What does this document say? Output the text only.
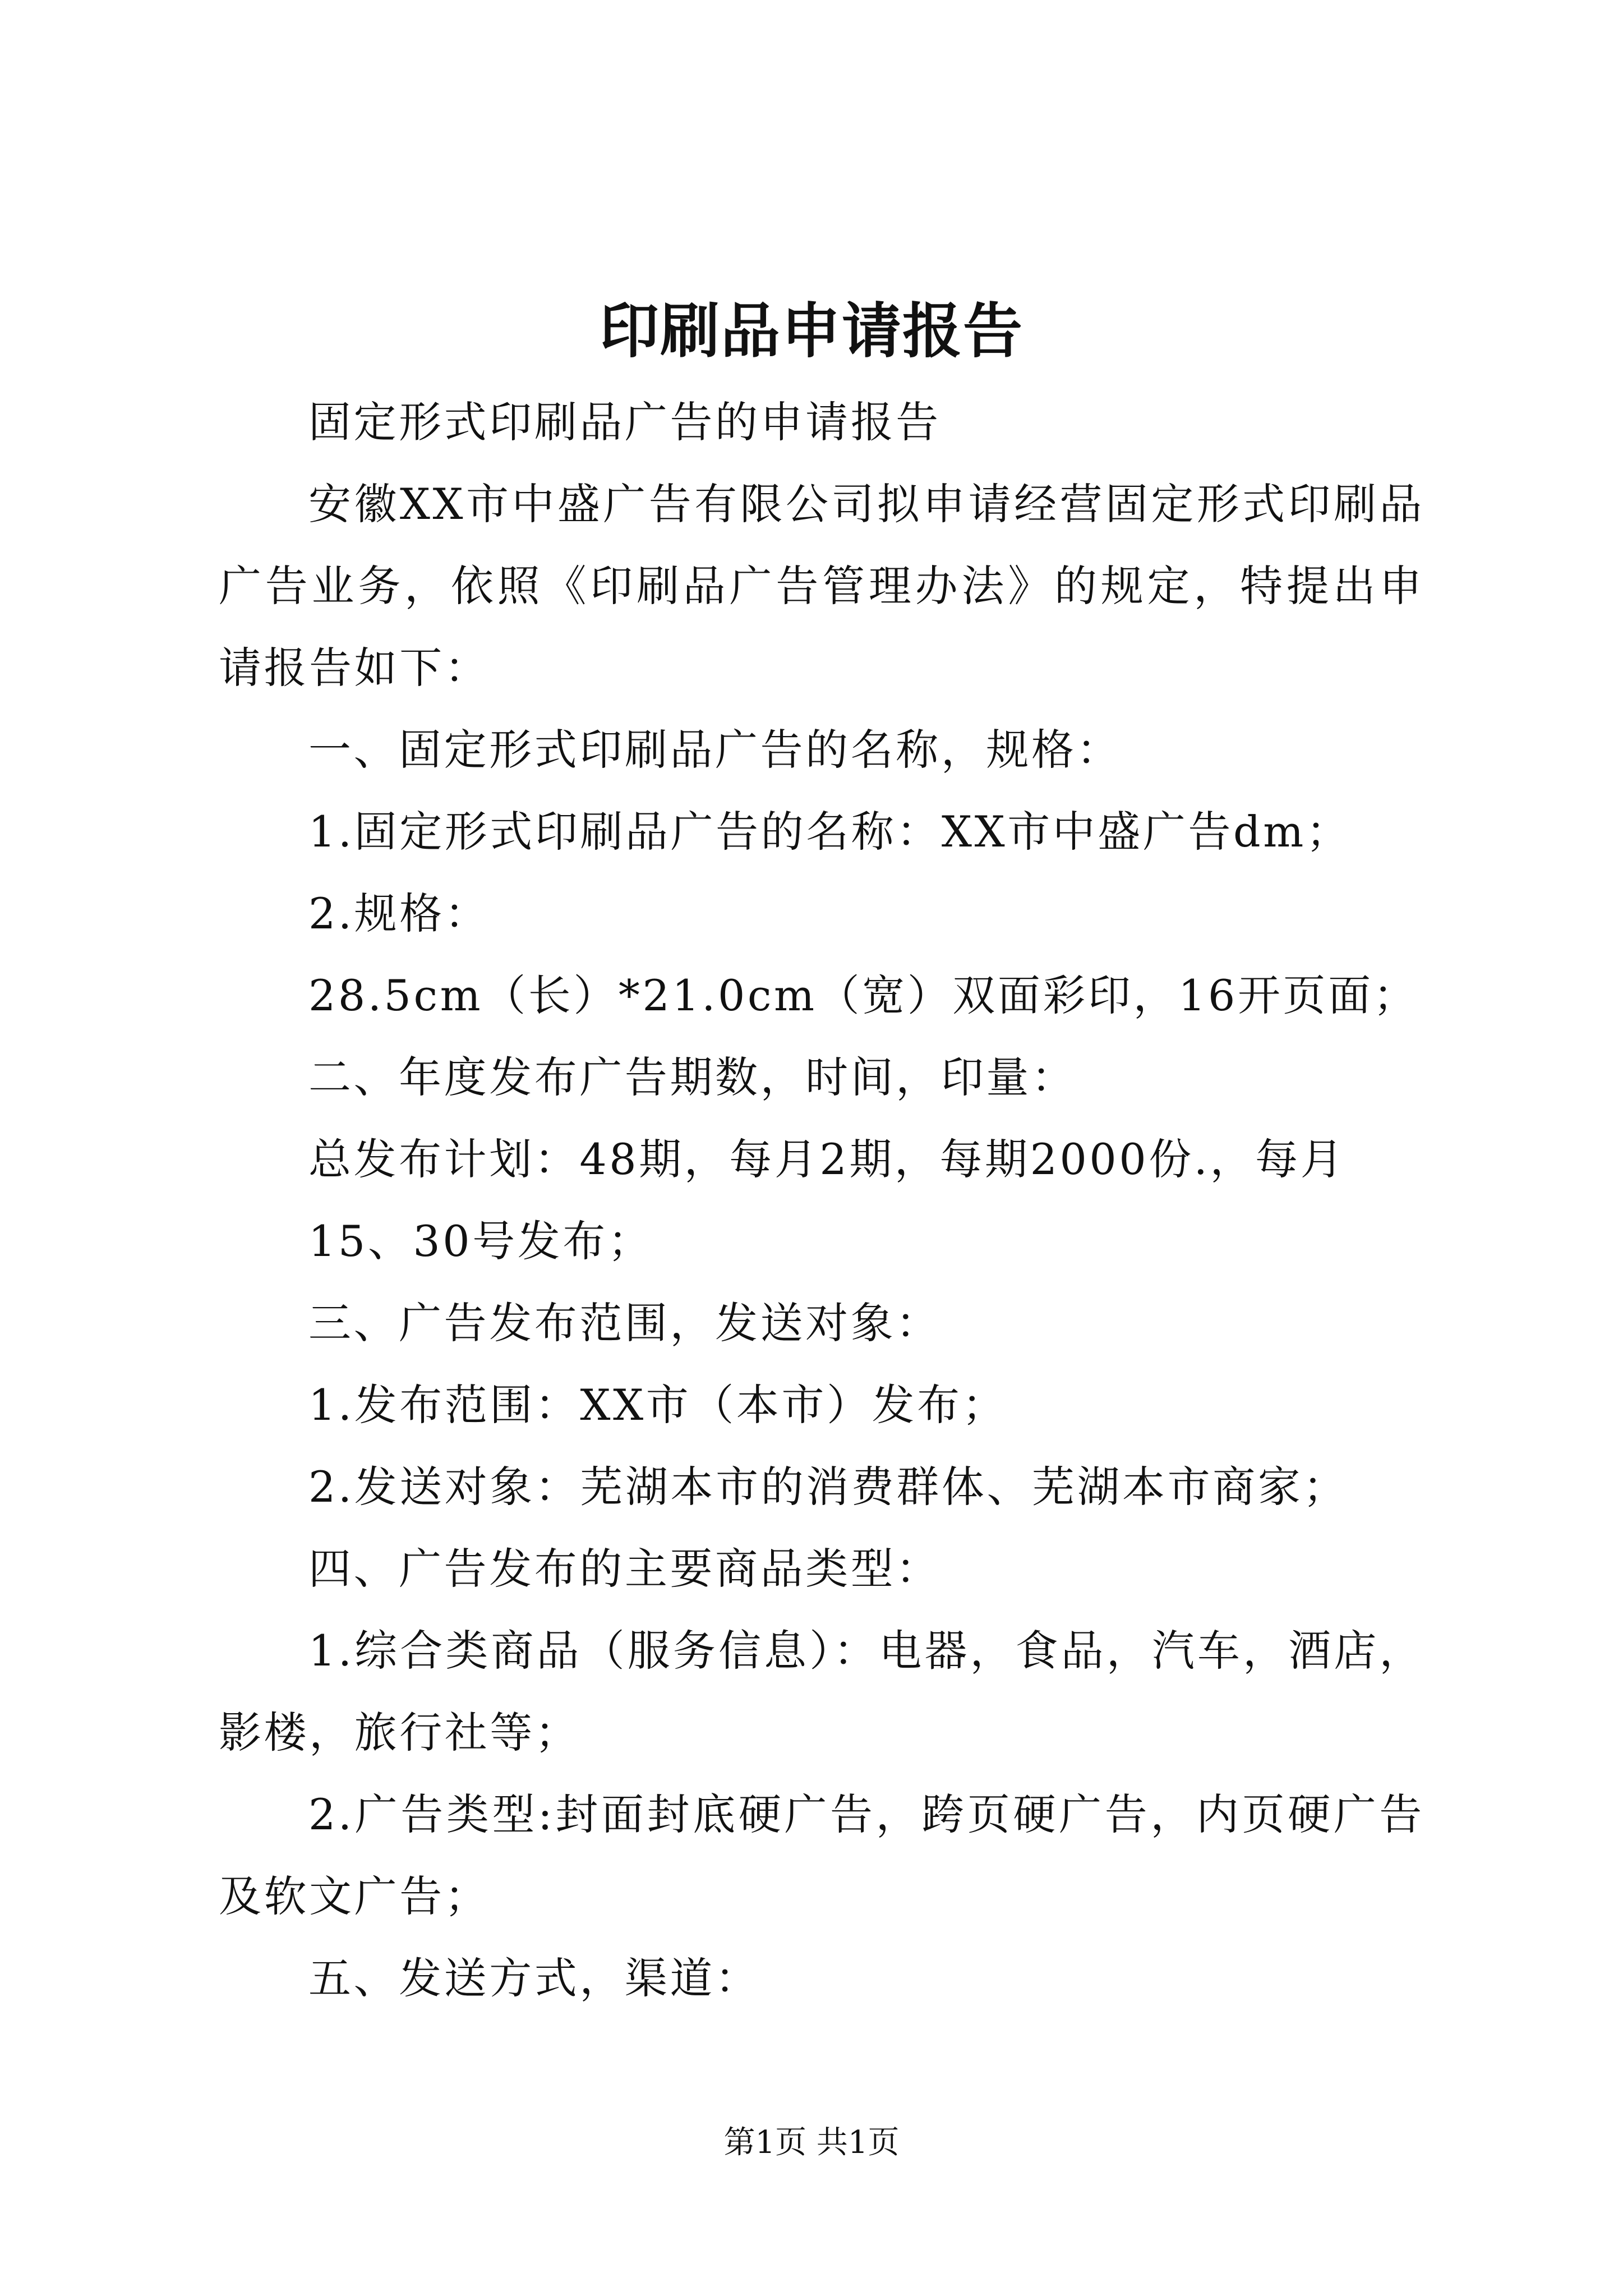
印刷品申请报告

固定形式印刷品广告的申请报告

安徽XX市中盛广告有限公司拟申请经营固定形式印刷品广告业务，依照《印刷品广告管理办法》的规定，特提出申请报告如下：

一、固定形式印刷品广告的名称，规格：

1.固定形式印刷品广告的名称：XX市中盛广告dm；

2.规格：

28.5cm（长）*21.0cm（宽）双面彩印，16开页面；

二、年度发布广告期数，时间，印量：

总发布计划：48期，每月2期，每期2000份.，每月

15、30号发布；

三、广告发布范围，发送对象：

1.发布范围：XX市（本市）发布；

2.发送对象：芜湖本市的消费群体、芜湖本市商家；

四、广告发布的主要商品类型：

1.综合类商品（服务信息）：电器，食品，汽车，酒店，影楼，旅行社等；

2.广告类型:封面封底硬广告，跨页硬广告，内页硬广告及软文广告；

五、发送方式，渠道：

第1页 共1页
